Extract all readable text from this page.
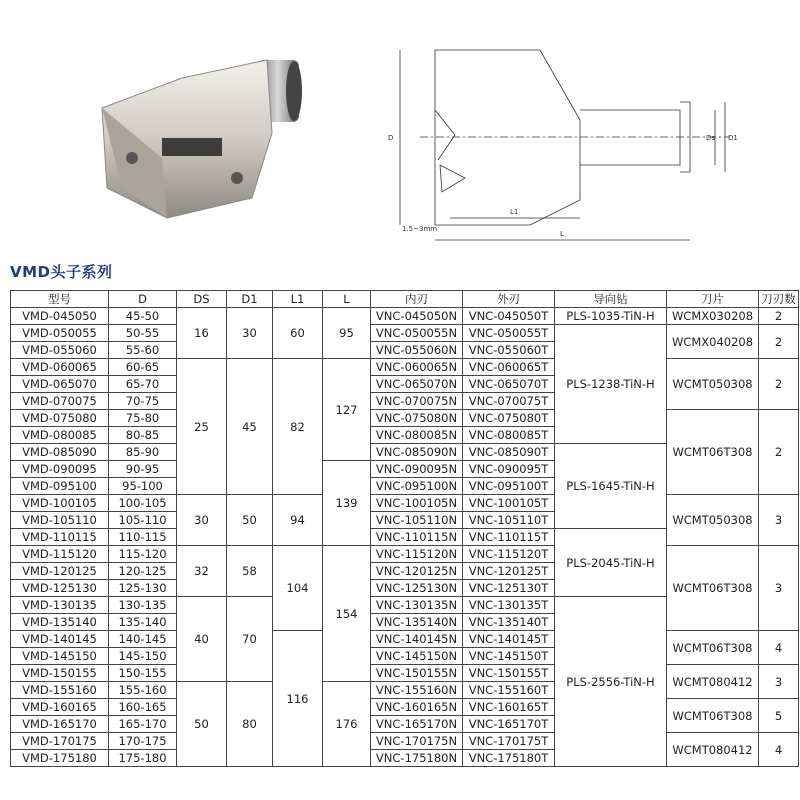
L1
L
D	Ds D1
1.5~3mm
VMD头子系列
型号	D	DS	D1	L1	L	内刃	外刃	导向钻	刀片	刀刃数
VMD-045050	45-50	16	30	60	95	VNC-045050N	VNC-045050T	PLS-1035-TiN-H	WCMX030208	2
VMD-050055	50-55					VNC-050055N	VNC-050055T	PLS-1238-TiN-H	WCMX040208	2
VMD-055060	55-60					VNC-055060N	VNC-055060T			
VMD-060065	60-65	25	45	82	127	VNC-060065N	VNC-060065T		WCMT050308	2
VMD-065070	65-70					VNC-065070N	VNC-065070T			
VMD-070075	70-75					VNC-070075N	VNC-070075T			
VMD-075080	75-80					VNC-075080N	VNC-075080T		WCMT06T308	2
VMD-080085	80-85					VNC-080085N	VNC-080085T			
VMD-085090	85-90					VNC-085090N	VNC-085090T	PLS-1645-TiN-H		
VMD-090095	90-95				139	VNC-090095N	VNC-090095T			
VMD-095100	95-100					VNC-095100N	VNC-095100T			
VMD-100105	100-105	30	50	94		VNC-100105N	VNC-100105T		WCMT050308	3
VMD-105110	105-110					VNC-105110N	VNC-105110T			
VMD-110115	110-115					VNC-110115N	VNC-110115T	PLS-2045-TiN-H		
VMD-115120	115-120	32	58	104	154	VNC-115120N	VNC-115120T		WCMT06T308	3
VMD-120125	120-125					VNC-120125N	VNC-120125T			
VMD-125130	125-130					VNC-125130N	VNC-125130T			
VMD-130135	130-135	40	70			VNC-130135N	VNC-130135T	PLS-2556-TiN-H		
VMD-135140	135-140					VNC-135140N	VNC-135140T			
VMD-140145	140-145			116		VNC-140145N	VNC-140145T		WCMT06T308	4
VMD-145150	145-150					VNC-145150N	VNC-145150T			
VMD-150155	150-155					VNC-150155N	VNC-150155T		WCMT080412	3
VMD-155160	155-160	50	80		176	VNC-155160N	VNC-155160T			
VMD-160165	160-165					VNC-160165N	VNC-160165T		WCMT06T308	5
VMD-165170	165-170					VNC-165170N	VNC-165170T			
VMD-170175	170-175					VNC-170175N	VNC-170175T		WCMT080412	4
VMD-175180	175-180					VNC-175180N	VNC-175180T			
